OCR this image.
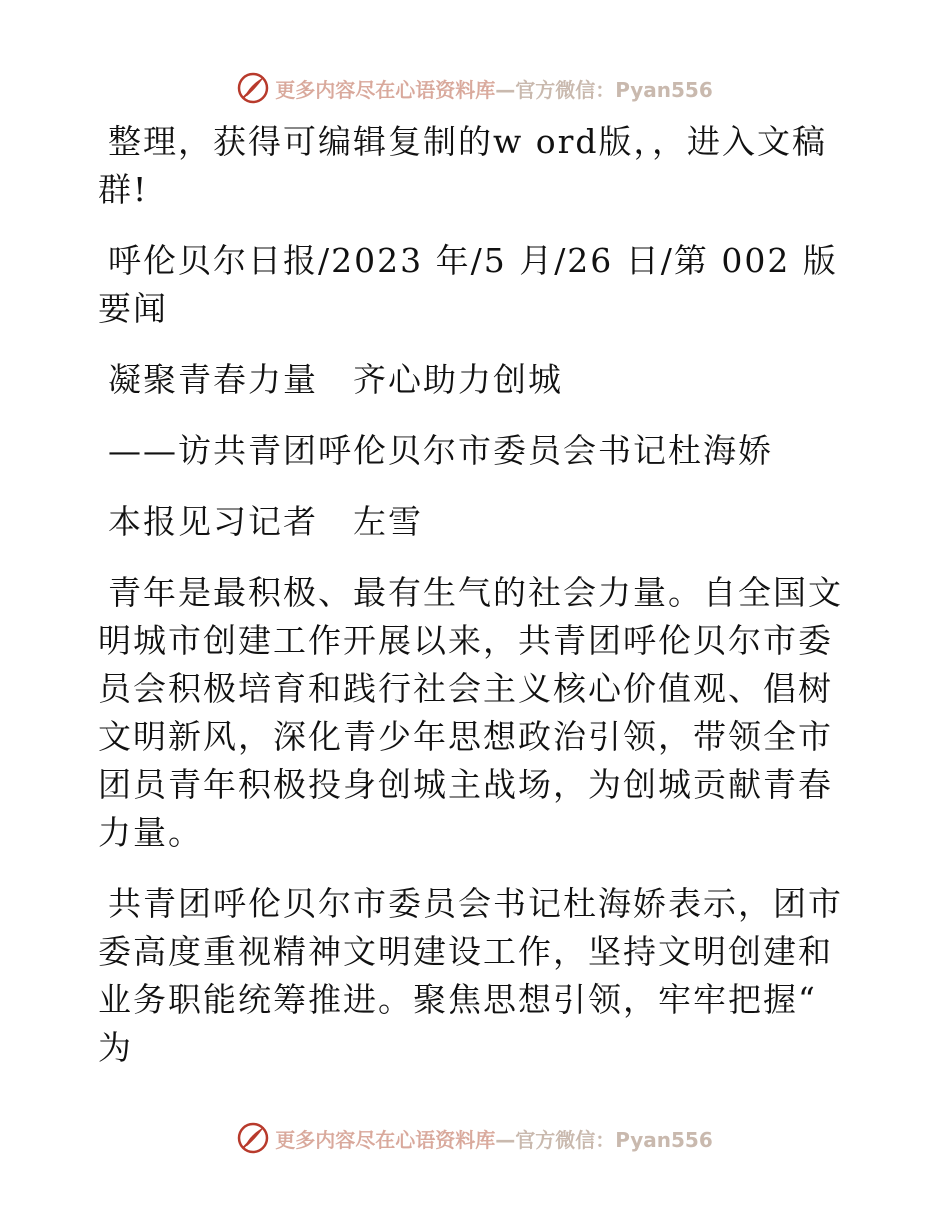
更多内容尽在心语资料库—官方微信：Pyan556

整理，获得可编辑复制的w ord版，，进入文稿群!

呼伦贝尔日报/2023 年/5 月/26 日/第 002 版要闻

凝聚青春力量　齐心助力创城

——访共青团呼伦贝尔市委员会书记杜海娇

本报见习记者　左雪

青年是最积极、最有生气的社会力量。自全国文明城市创建工作开展以来，共青团呼伦贝尔市委员会积极培育和践行社会主义核心价值观、倡树文明新风，深化青少年思想政治引领，带领全市团员青年积极投身创城主战场，为创城贡献青春力量。

共青团呼伦贝尔市委员会书记杜海娇表示，团市委高度重视精神文明建设工作，坚持文明创建和业务职能统筹推进。聚焦思想引领，牢牢把握“ 为

更多内容尽在心语资料库—官方微信：Pyan556
